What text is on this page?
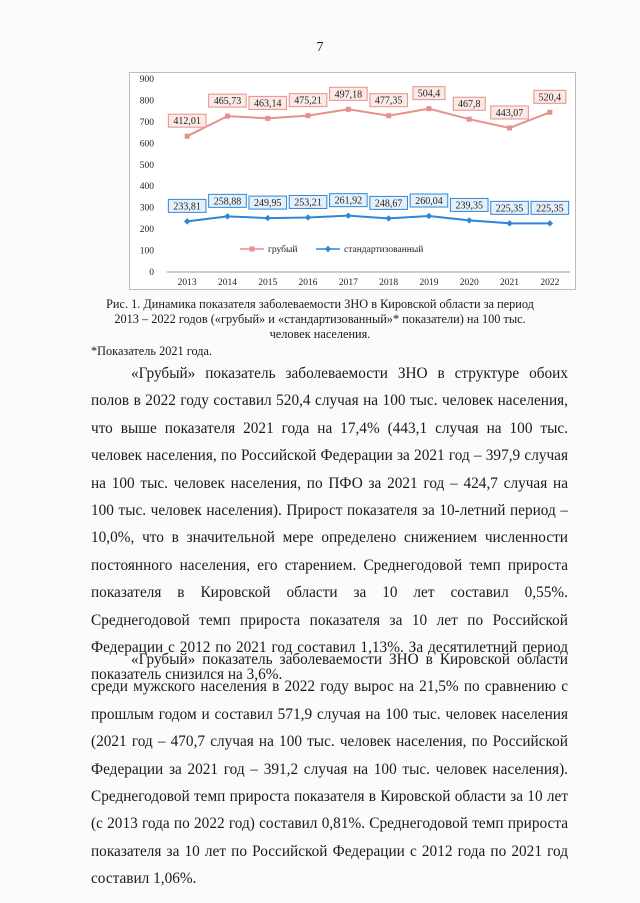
7
0
100
200
300
400
500
600
700
800
900
2013 2014 2015 2016 2017 2018 2019 2020 2021 2022
412,01
465,73 463,14 475,21
497,18
477,35
504,4
467,8
443,07
520,4
233,81 258,88 249,95 253,21 261,92 248,67 260,04 239,35 225,35 225,35
грубый	стандартизованный
Рис. 1. Динамика показателя заболеваемости ЗНО в Кировской области за период 2013 – 2022 годов («грубый» и «стандартизованный»* показатели) на 100 тыс. человек населения.
*Показатель 2021 года.

«Грубый» показатель заболеваемости ЗНО в структуре обоих полов в 2022 году составил 520,4 случая на 100 тыс. человек населения, что выше показателя 2021 года на 17,4% (443,1 случая на 100 тыс. человек населения, по Российской Федерации за 2021 год – 397,9 случая на 100 тыс. человек населения, по ПФО за 2021 год – 424,7 случая на 100 тыс. человек населения). Прирост показателя за 10-летний период – 10,0%, что в значительной мере определено снижением численности постоянного населения, его старением. Среднегодовой темп прироста показателя в Кировской области за 10 лет составил 0,55%. Среднегодовой темп прироста показателя за 10 лет по Российской Федерации с 2012 по 2021 год составил 1,13%. За десятилетний период показатель снизился на 3,6%.

«Грубый» показатель заболеваемости ЗНО в Кировской области среди мужского населения в 2022 году вырос на 21,5% по сравнению с прошлым годом и составил 571,9 случая на 100 тыс. человек населения (2021 год – 470,7 случая на 100 тыс. человек населения, по Российской Федерации за 2021 год – 391,2 случая на 100 тыс. человек населения). Среднегодовой темп прироста показателя в Кировской области за 10 лет (с 2013 года по 2022 год) составил 0,81%. Среднегодовой темп прироста показателя за 10 лет по Российской Федерации с 2012 года по 2021 год составил 1,06%.
